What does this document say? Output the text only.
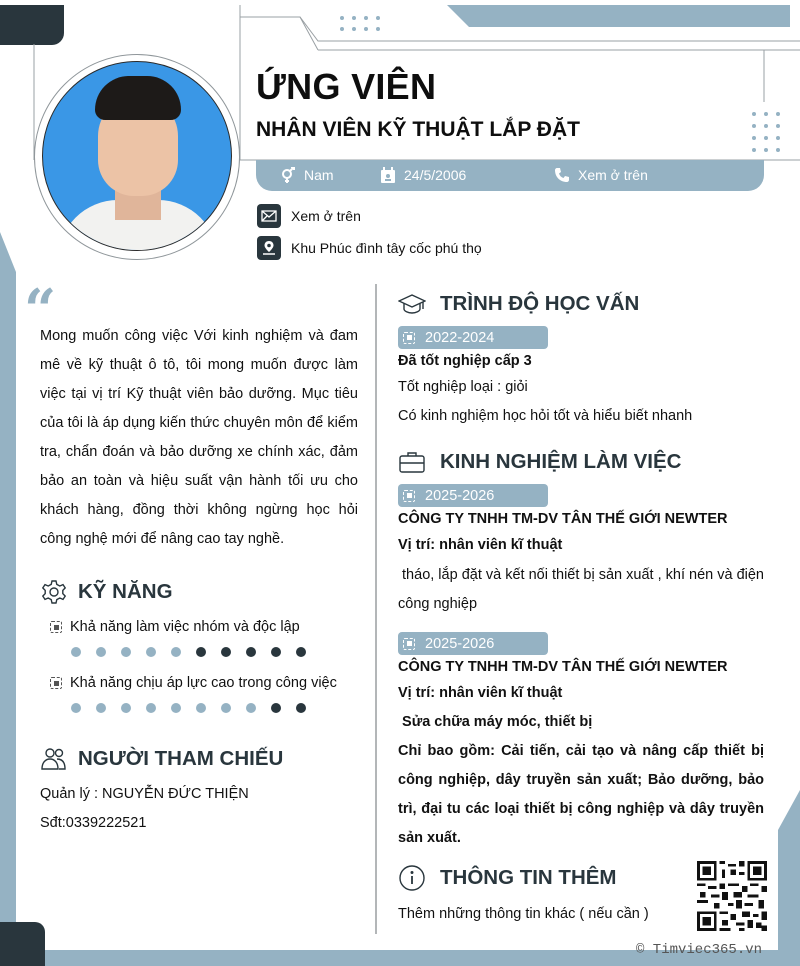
ỨNG VIÊN
NHÂN VIÊN KỸ THUẬT LẮP ĐẶT
Nam	24/5/2006	Xem ở trên
Xem ở trên
Khu Phúc đình tây cốc phú thọ
“
Mong muốn công việc Với kinh nghiệm và đam mê về kỹ thuật ô tô, tôi mong muốn được làm việc tại vị trí Kỹ thuật viên bảo dưỡng. Mục tiêu của tôi là áp dụng kiến thức chuyên môn để kiểm tra, chẩn đoán và bảo dưỡng xe chính xác, đảm bảo an toàn và hiệu suất vận hành tối ưu cho khách hàng, đồng thời không ngừng học hỏi công nghệ mới để nâng cao tay nghề.
KỸ NĂNG
Khả năng làm việc nhóm và độc lập
Khả năng chịu áp lực cao trong công việc
NGƯỜI THAM CHIẾU
Quản lý : NGUYỄN ĐỨC THIỆN
Sđt:0339222521
TRÌNH ĐỘ HỌC VẤN
2022-2024
Đã tốt nghiệp cấp 3
Tốt nghiệp loại : giỏi
Có kinh nghiệm học hỏi tốt và hiểu biết nhanh
KINH NGHIỆM LÀM VIỆC
2025-2026
CÔNG TY TNHH TM-DV TÂN THẾ GIỚI NEWTER
Vị trí: nhân viên kĩ thuật
tháo, lắp đặt và kết nối thiết bị sản xuất , khí nén và điện công nghiệp
2025-2026
CÔNG TY TNHH TM-DV TÂN THẾ GIỚI NEWTER
Vị trí: nhân viên kĩ thuật
Sửa chữa máy móc, thiết bị
Chỉ bao gồm: Cải tiến, cải tạo và nâng cấp thiết bị công nghiệp, dây truyền sản xuất; Bảo dưỡng, bảo trì, đại tu các loại thiết bị công nghiệp và dây truyền sản xuất.
THÔNG TIN THÊM
Thêm những thông tin khác ( nếu cần )
© Timviec365.vn
